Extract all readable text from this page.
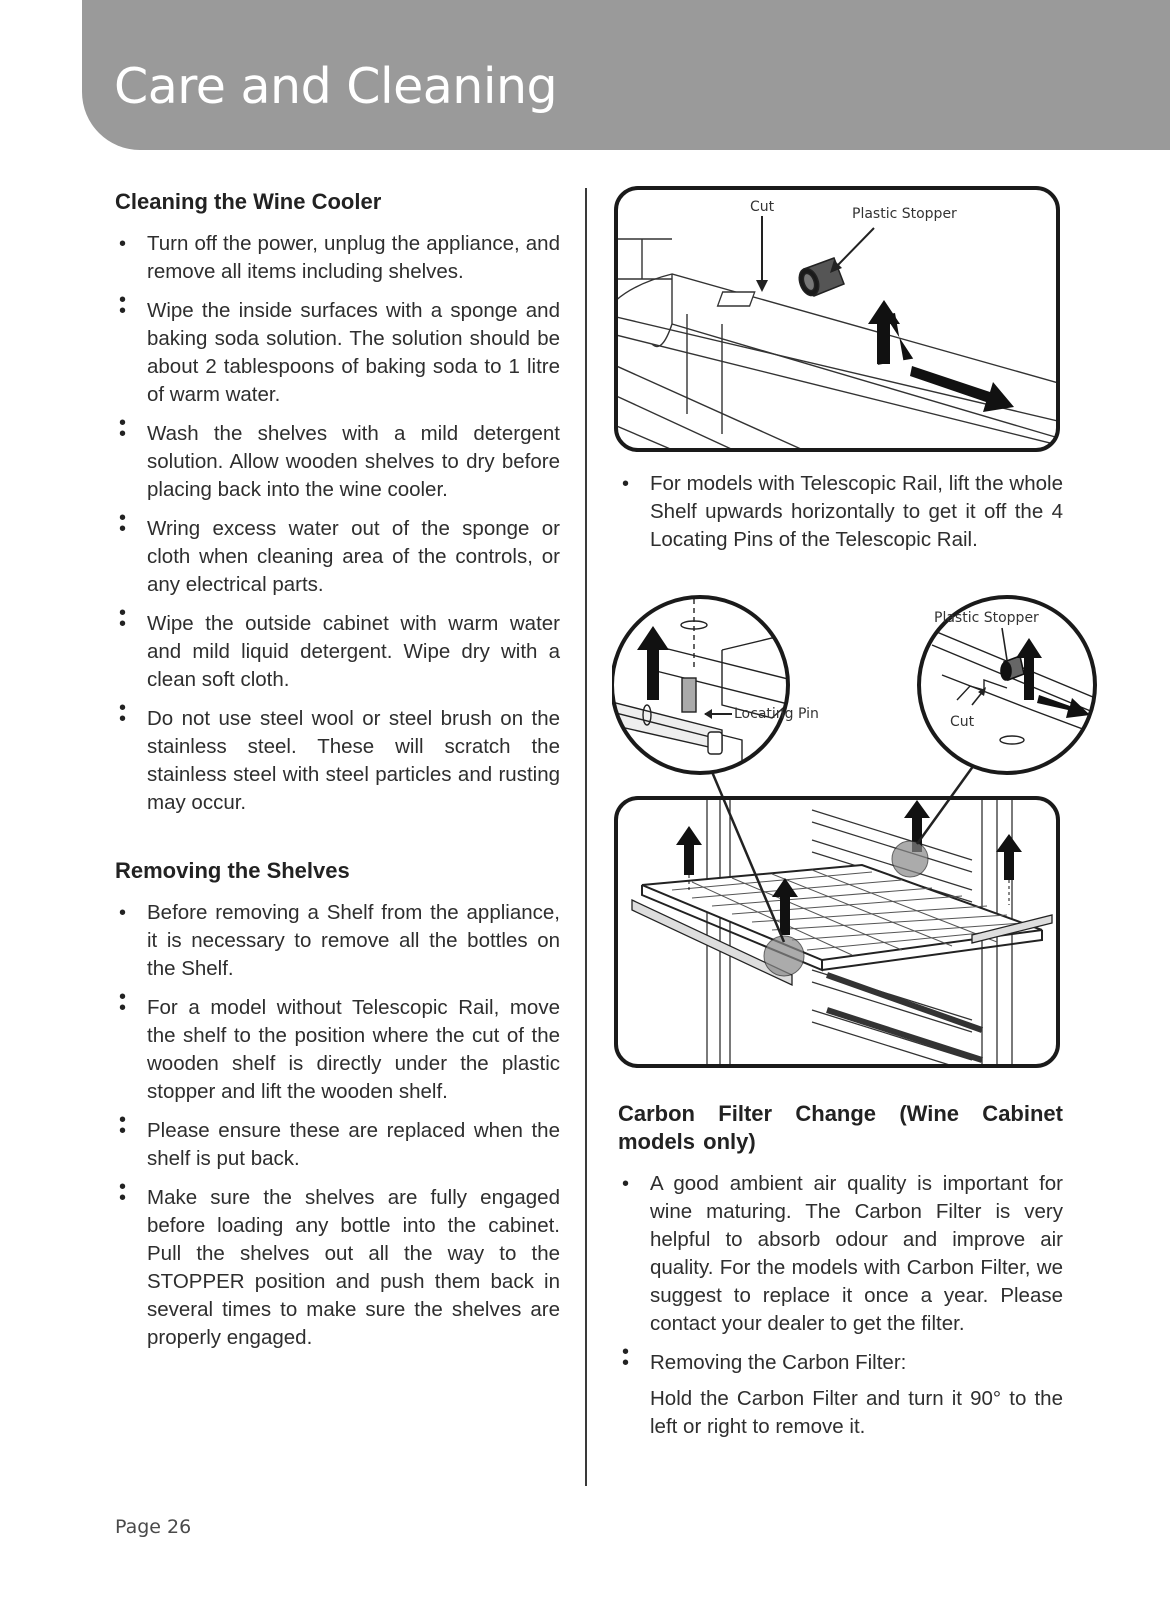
Care and Cleaning
Cleaning the Wine Cooler
• Turn off the power, unplug the appliance, and remove all items including shelves.
•
• Wipe the inside surfaces with a sponge and baking soda solution. The solution should be about 2 tablespoons of baking soda to 1 litre of warm water.
•
• Wash the shelves with a mild detergent solution. Allow wooden shelves to dry before placing back into the wine cooler.
•
• Wring excess water out of the sponge or cloth when cleaning area of the controls, or any electrical parts.
•
• Wipe the outside cabinet with warm water and mild liquid detergent. Wipe dry with a clean soft cloth.
•
• Do not use steel wool or steel brush on the stainless steel. These will scratch the stainless steel with steel particles and rusting may occur.
Removing the Shelves
• Before removing a Shelf from the appliance, it is necessary to remove all the bottles on the Shelf.
•
• For a model without Telescopic Rail, move the shelf to the position where the cut of the wooden shelf is directly under the plastic stopper and lift the wooden shelf.
•
• Please ensure these are replaced when the shelf is put back.
•
• Make sure the shelves are fully engaged before loading any bottle into the cabinet. Pull the shelves out all the way to the STOPPER position and push them back in several times to make sure the shelves are properly engaged.
Cut	Plastic Stopper
• For models with Telescopic Rail, lift the whole Shelf upwards horizontally to get it off the 4 Locating Pins of the Telescopic Rail.
Locating Pin
Plastic Stopper
Cut
Carbon Filter Change (Wine Cabinet models only)
• A good ambient air quality is important for wine maturing. The Carbon Filter is very helpful to absorb odour and improve air quality. For the models with Carbon Filter, we suggest to replace it once a year. Please contact your dealer to get the filter.
•
• Removing the Carbon Filter:

Hold the Carbon Filter and turn it 90° to the left or right to remove it.

Page 26
